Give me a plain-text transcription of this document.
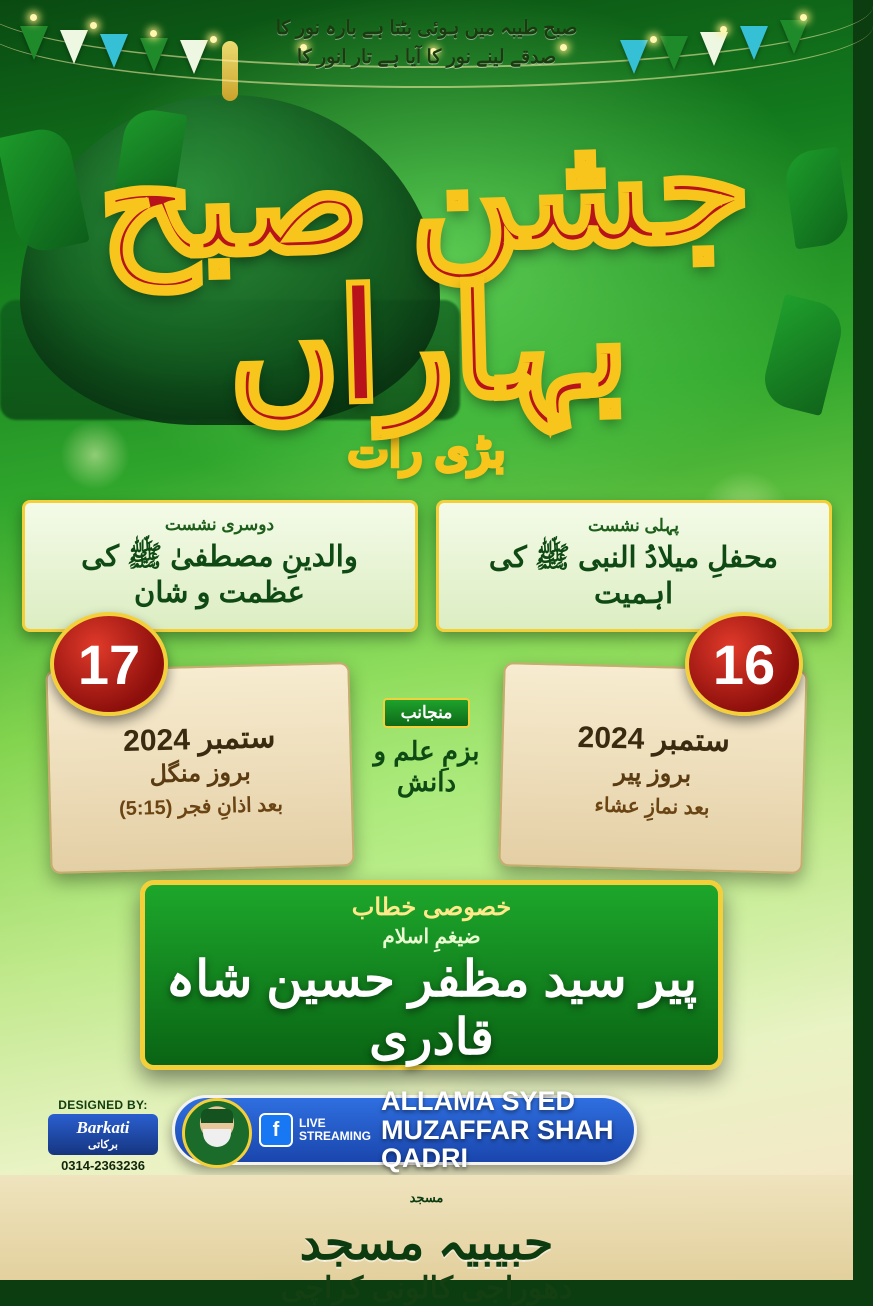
صبح طیبہ میں ہوئی بٹتا ہے بارہ نور کا
صدقے لینے نور کا آیا ہے تار انور کا
جشن صبح بہاراں
بڑی رات
پہلی نشست
محفلِ میلادُ النبی ﷺ کی اہمیت
دوسری نشست
والدینِ مصطفیٰ ﷺ کی عظمت و شان
ستمبر 2024
بروز پیر
بعد نمازِ عشاء
16
ستمبر 2024
بروز منگل
بعد اذانِ فجر (5:15)
17
منجانب
بزمِ علم و
دانش
خصوصی خطاب
ضیغمِ اسلام
پیر سید مظفر حسین شاہ قادری
DESIGNED BY:
Barkati
برکاتی
0314-2363236
f	LIVE
STREAMING
ALLAMA SYED
MUZAFFAR SHAH QADRI
مسجد
حبیبیہ مسجد
دھوراجی کالونی کراچی
